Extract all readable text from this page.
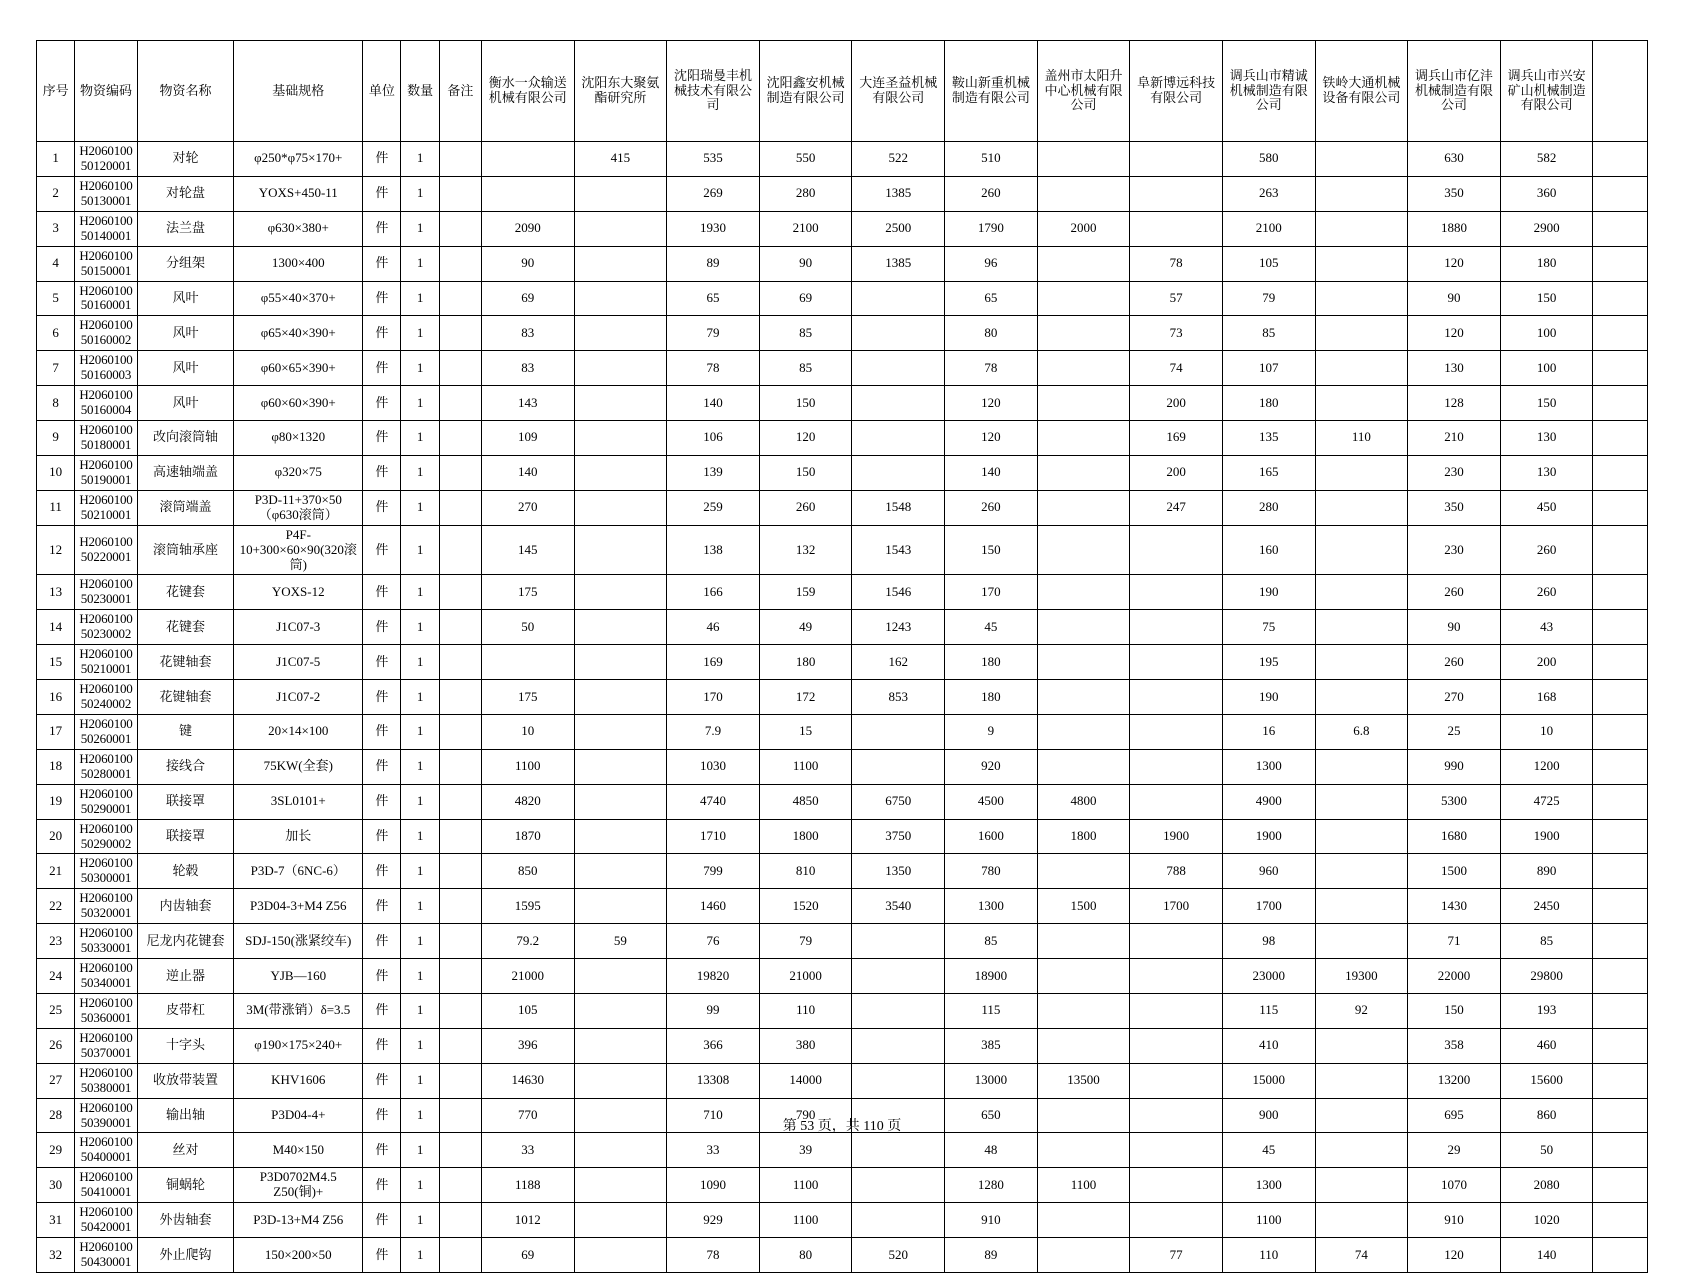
序号	物资编码	物资名称	基础规格	单位	数量	备注	衡水一众输送机械有限公司	沈阳东大聚氨酯研究所	沈阳瑞曼丰机械技术有限公司	沈阳鑫安机械制造有限公司	大连圣益机械有限公司	鞍山新重机械制造有限公司	盖州市太阳升中心机械有限公司	阜新博远科技有限公司	调兵山市精诚机械制造有限公司	铁岭大通机械设备有限公司	调兵山市亿沣机械制造有限公司	调兵山市兴安矿山机械制造有限公司	
1	H206010050120001	对轮	φ250*φ75×170+	件	1			415	535	550	522	510			580		630	582	
2	H206010050130001	对轮盘	YOXS+450-11	件	1				269	280	1385	260			263		350	360	
3	H206010050140001	法兰盘	φ630×380+	件	1		2090		1930	2100	2500	1790	2000		2100		1880	2900	
4	H206010050150001	分组架	1300×400	件	1		90		89	90	1385	96		78	105		120	180	
5	H206010050160001	风叶	φ55×40×370+	件	1		69		65	69		65		57	79		90	150	
6	H206010050160002	风叶	φ65×40×390+	件	1		83		79	85		80		73	85		120	100	
7	H206010050160003	风叶	φ60×65×390+	件	1		83		78	85		78		74	107		130	100	
8	H206010050160004	风叶	φ60×60×390+	件	1		143		140	150		120		200	180		128	150	
9	H206010050180001	改向滚筒轴	φ80×1320	件	1		109		106	120		120		169	135	110	210	130	
10	H206010050190001	高速轴端盖	φ320×75	件	1		140		139	150		140		200	165		230	130	
11	H206010050210001	滚筒端盖	P3D-11+370×50（φ630滚筒）	件	1		270		259	260	1548	260		247	280		350	450	
12	H206010050220001	滚筒轴承座	P4F-10+300×60×90(320滚筒)	件	1		145		138	132	1543	150			160		230	260	
13	H206010050230001	花键套	YOXS-12	件	1		175		166	159	1546	170			190		260	260	
14	H206010050230002	花键套	J1C07-3	件	1		50		46	49	1243	45			75		90	43	
15	H206010050210001	花键轴套	J1C07-5	件	1				169	180	162	180			195		260	200	
16	H206010050240002	花键轴套	J1C07-2	件	1		175		170	172	853	180			190		270	168	
17	H206010050260001	键	20×14×100	件	1		10		7.9	15		9			16	6.8	25	10	
18	H206010050280001	接线合	75KW(全套)	件	1		1100		1030	1100		920			1300		990	1200	
19	H206010050290001	联接罩	3SL0101+	件	1		4820		4740	4850	6750	4500	4800		4900		5300	4725	
20	H206010050290002	联接罩	加长	件	1		1870		1710	1800	3750	1600	1800	1900	1900		1680	1900	
21	H206010050300001	轮毂	P3D-7（6NC-6）	件	1		850		799	810	1350	780		788	960		1500	890	
22	H206010050320001	内齿轴套	P3D04-3+M4 Z56	件	1		1595		1460	1520	3540	1300	1500	1700	1700		1430	2450	
23	H206010050330001	尼龙内花键套	SDJ-150(涨紧绞车)	件	1		79.2	59	76	79		85			98		71	85	
24	H206010050340001	逆止器	YJB—160	件	1		21000		19820	21000		18900			23000	19300	22000	29800	
25	H206010050360001	皮带杠	3M(带涨销）δ=3.5	件	1		105		99	110		115			115	92	150	193	
26	H206010050370001	十字头	φ190×175×240+	件	1		396		366	380		385			410		358	460	
27	H206010050380001	收放带装置	KHV1606	件	1		14630		13308	14000		13000	13500		15000		13200	15600	
28	H206010050390001	输出轴	P3D04-4+	件	1		770		710	790		650			900		695	860	
29	H206010050400001	丝对	M40×150	件	1		33		33	39		48			45		29	50	
30	H206010050410001	铜蜗轮	P3D0702M4.5 Z50(铜)+	件	1		1188		1090	1100		1280	1100		1300		1070	2080	
31	H206010050420001	外齿轴套	P3D-13+M4 Z56	件	1		1012		929	1100		910			1100		910	1020	
32	H206010050430001	外止爬钩	150×200×50	件	1		69		78	80	520	89		77	110	74	120	140	
第 53 页，共 110 页
